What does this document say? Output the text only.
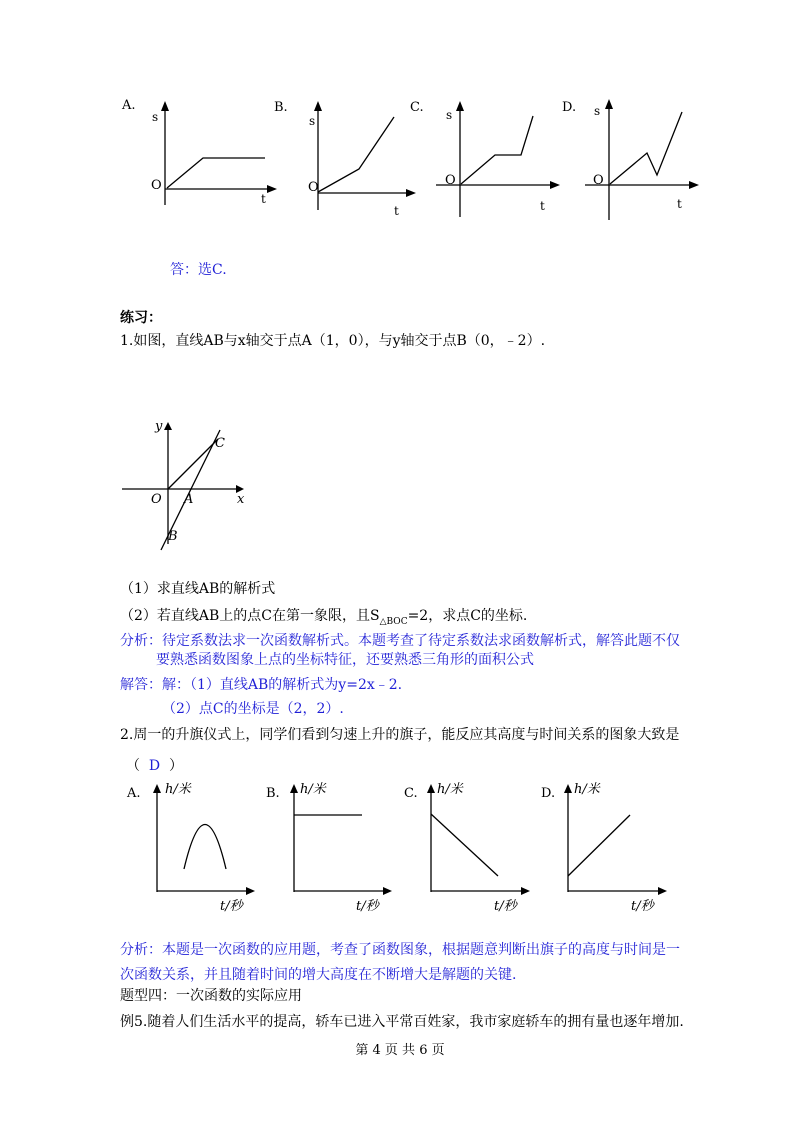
A.
s
O
t
B.
s
O
t
C. s
O
t
D. s
O
t
答：选C.
练习：
1.如图，直线AB与x轴交于点A（1，0），与y轴交于点B（0，﹣2）.
y
x
O A
B
C
（1）求直线AB的解析式
（2）若直线AB上的点C在第一象限，且$S_{\triangle BOC}=2$，求点C的坐标.
分析：待定系数法求一次函数解析式。本题考查了待定系数法求函数解析式，解答此题不仅
要熟悉函数图象上点的坐标特征，还要熟悉三角形的面积公式
解答：解：（1）直线AB的解析式为y=2x﹣2.
（2）点C的坐标是（2，2）.
2.周一的升旗仪式上，同学们看到匀速上升的旗子，能反应其高度与时间关系的图象大致是
（ D ）
A. h/米
t/秒
B. h/米
t/秒
C. h/米
t/秒
D. h/米
t/秒
分析：本题是一次函数的应用题，考查了函数图象，根据题意判断出旗子的高度与时间是一
次函数关系，并且随着时间的增大高度在不断增大是解题的关键.
题型四：一次函数的实际应用
例5.随着人们生活水平的提高，轿车已进入平常百姓家，我市家庭轿车的拥有量也逐年增加.
第 4 页 共 6 页
